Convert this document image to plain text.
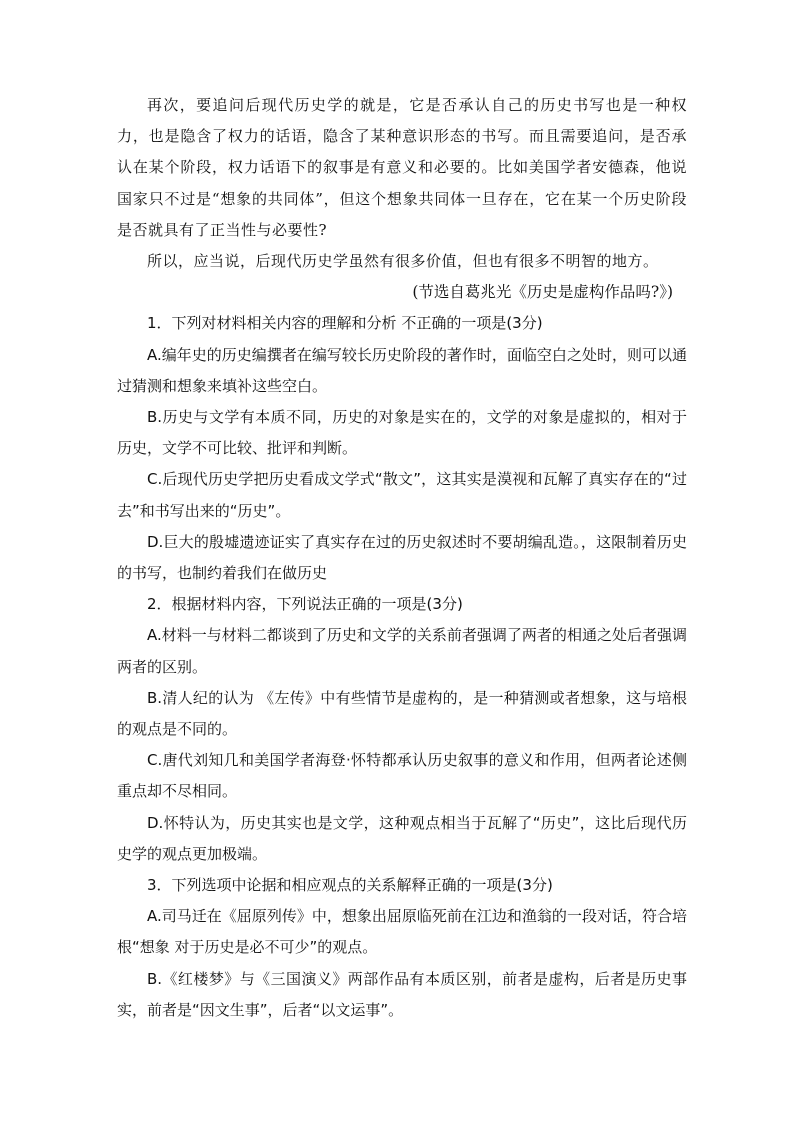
再次，要追问后现代历史学的就是，它是否承认自己的历史书写也是一种权力，也是隐含了权力的话语，隐含了某种意识形态的书写。而且需要追问，是否承认在某个阶段，权力话语下的叙事是有意义和必要的。比如美国学者安德森，他说国家只不过是“想象的共同体”，但这个想象共同体一旦存在，它在某一个历史阶段是否就具有了正当性与必要性?

所以，应当说，后现代历史学虽然有很多价值，但也有很多不明智的地方。

(节选自葛兆光《历史是虚构作品吗?》)

1．下列对材料相关内容的理解和分析 不正确的一项是(3分)

A.编年史的历史编撰者在编写较长历史阶段的著作时，面临空白之处时，则可以通过猜测和想象来填补这些空白。

B.历史与文学有本质不同，历史的对象是实在的，文学的对象是虚拟的，相对于历史，文学不可比较、批评和判断。

C.后现代历史学把历史看成文学式“散文”，这其实是漠视和瓦解了真实存在的“过去”和书写出来的“历史”。

D.巨大的殷墟遗迹证实了真实存在过的历史叙述时不要胡编乱造。，这限制着历史的书写，也制约着我们在做历史

2．根据材料内容，下列说法正确的一项是(3分)

A.材料一与材料二都谈到了历史和文学的关系前者强调了两者的相通之处后者强调两者的区别。

B.清人纪的认为 《左传》中有些情节是虚构的，是一种猜测或者想象，这与培根的观点是不同的。

C.唐代刘知几和美国学者海登·怀特都承认历史叙事的意义和作用，但两者论述侧重点却不尽相同。

D.怀特认为，历史其实也是文学，这种观点相当于瓦解了“历史”，这比后现代历史学的观点更加极端。

3．下列选项中论据和相应观点的关系解释正确的一项是(3分)

A.司马迁在《屈原列传》中，想象出屈原临死前在江边和渔翁的一段对话，符合培根“想象 对于历史是必不可少”的观点。

B.《红楼梦》与《三国演义》两部作品有本质区别，前者是虚构，后者是历史事实，前者是“因文生事”，后者“以文运事”。
